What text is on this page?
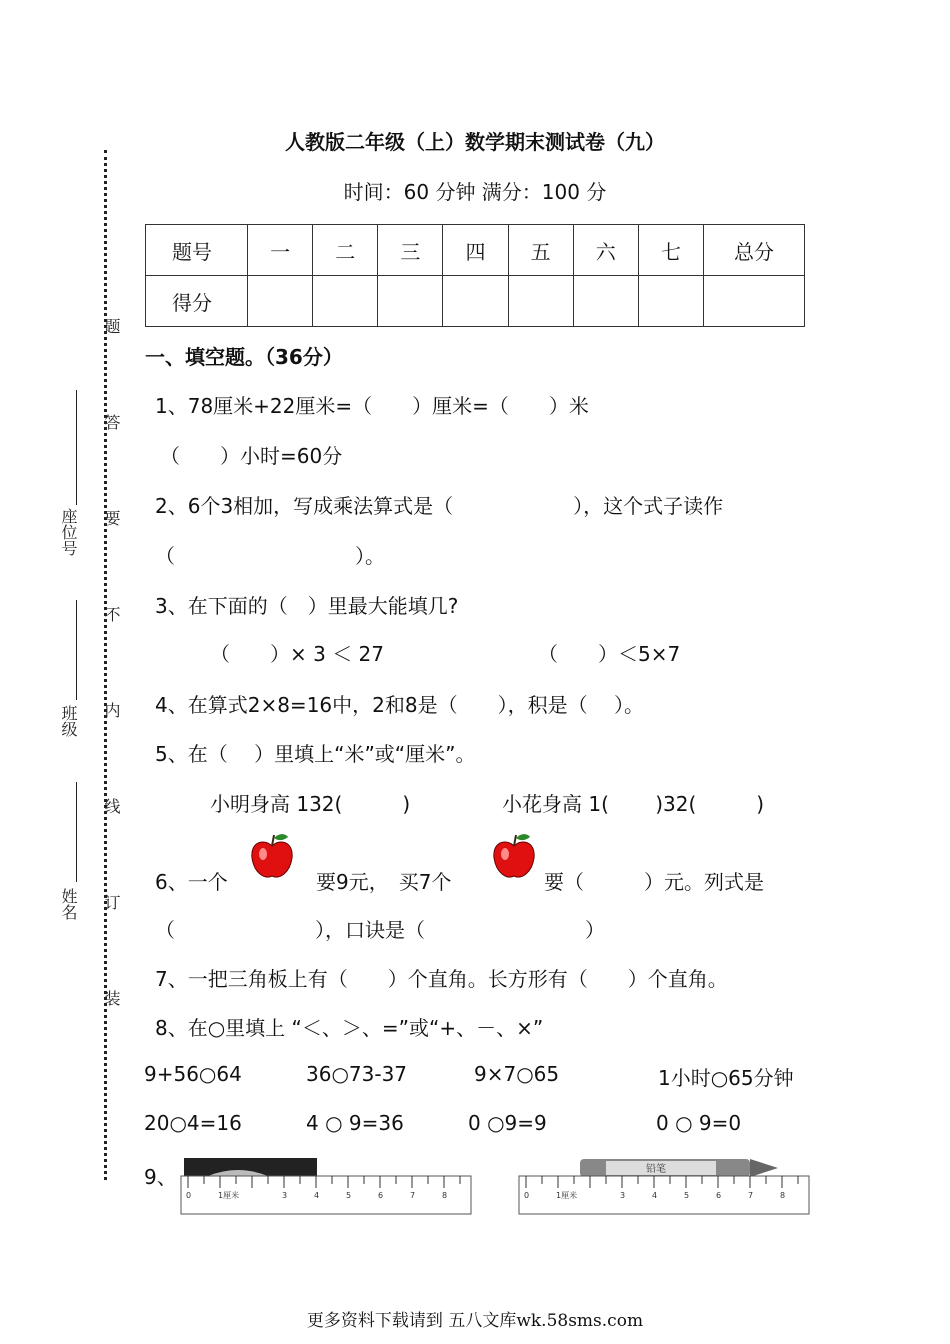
人教版二年级（上）数学期末测试卷（九）
时间：60 分钟 满分：100 分
题号	一	二	三	四	五	六	七	总分
得分								
题
答
要
不
内
线
订
装
座位号
班级
姓名
一、填空题。（36分）
1、78厘米+22厘米=（　　）厘米=（　　）米
（　　）小时=60分
2、6个3相加，写成乘法算式是（　　　　　　），这个式子读作
（　　　　　　　　　）。
3、在下面的（　）里最大能填几?
（　　）× 3 ＜ 27	（　　）＜5×7
4、在算式2×8=16中，2和8是（　　），积是（　 ）。
5、在（　 ）里填上“米”或“厘米”。
小明身高 132(　　　)	小花身高 1(　　 )32(　　　)
6、一个	要9元，　买7个	要（　　　）元。列式是
（　　　　　　　），口诀是（　　　　　　　　）
7、一把三角板上有（　　）个直角。长方形有（　　）个直角。
8、在○里填上 “＜、＞、=”或“+、－、×”
9+56○64	36○73-37	9×7○65	1小时○65分钟
20○4=16	4 ○ 9=36	0 ○9=9	0 ○ 9=0
9、
0	1厘米	3	4	5	6	7	8
铅笔
0	1厘米	3	4	5	6	7	8
更多资料下载请到 五八文库wk.58sms.com
